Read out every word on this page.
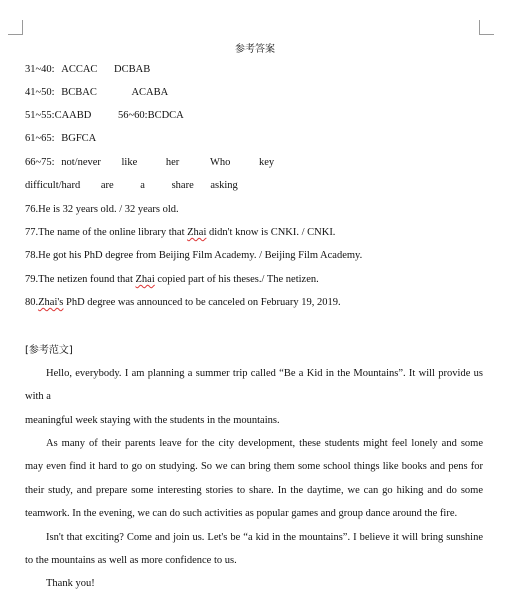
参考答案
31~40: ACCAC DCBAB
41~50: BCBAC	ACABA
51~55:CAABD	56~60:BCDCA
61~65: BGFCA
66~75: not/never like	her	Who	key
difficult/hard are	a	share asking
76.He is 32 years old. / 32 years old.
77.The name of the online library that Zhai didn't know is CNKI. / CNKI.
78.He got his PhD degree from Beijing Film Academy. / Beijing Film Academy.
79.The netizen found that Zhai copied part of his theses./ The netizen.
80.Zhai's PhD degree was announced to be canceled on February 19, 2019.
[参考范文]
Hello, everybody. I am planning a summer trip called “Be a Kid in the Mountains”. It will provide us
with a
meaningful week staying with the students in the mountains.
As many of their parents leave for the city development, these students might feel lonely and some
may even find it hard to go on studying. So we can bring them some school things like books and pens for
their study, and prepare some interesting stories to share. In the daytime, we can go hiking and do some
teamwork. In the evening, we can do such activities as popular games and group dance around the fire.
Isn't that exciting? Come and join us. Let's be “a kid in the mountains”. I believe it will bring sunshine
to the mountains as well as more confidence to us.
Thank you!
